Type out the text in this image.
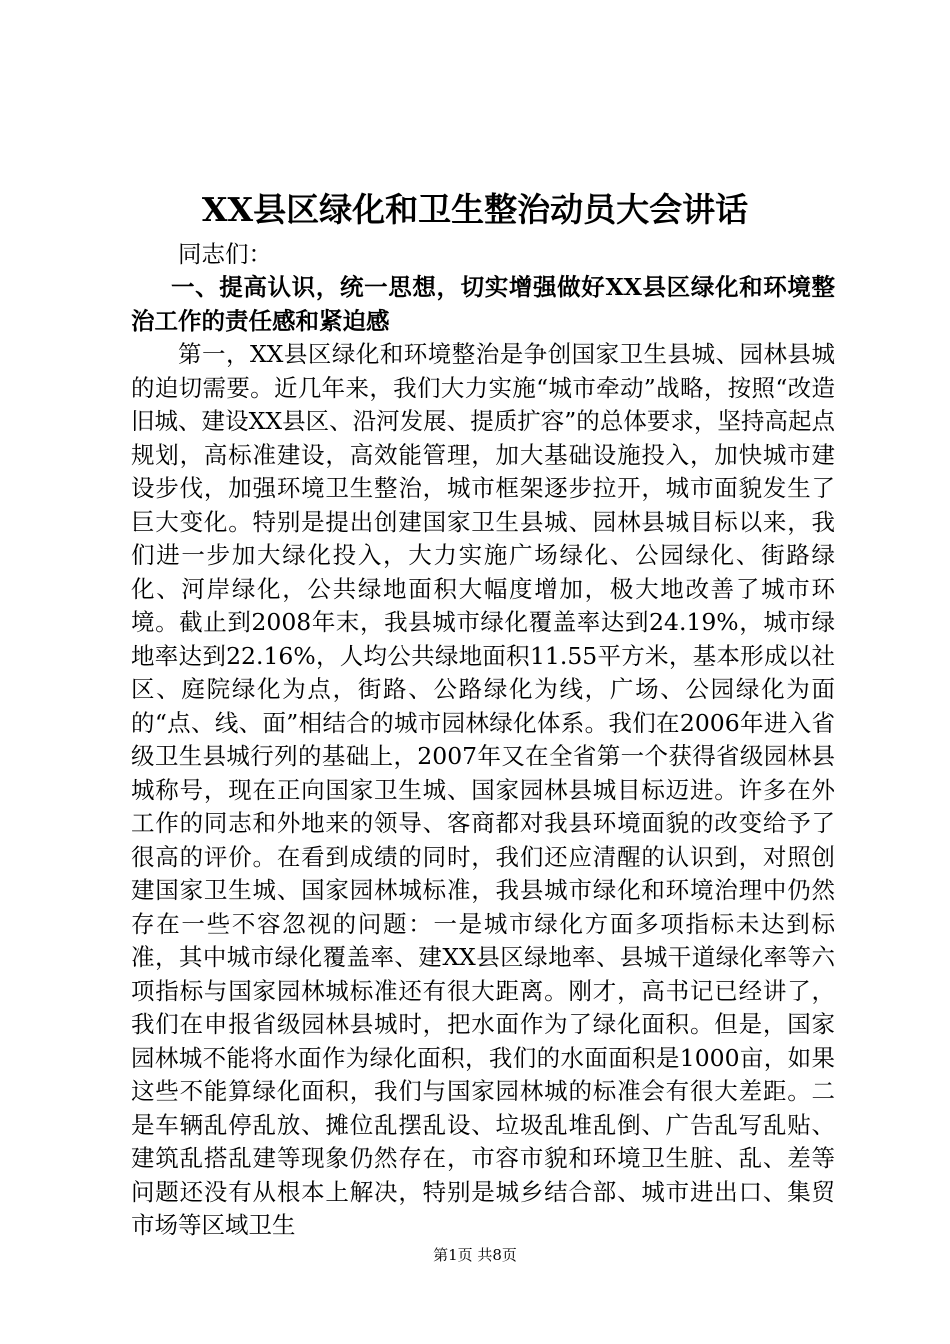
XX县区绿化和卫生整治动员大会讲话
同志们：
一、提高认识，统一思想，切实增强做好XX县区绿化和环境整治工作的责任感和紧迫感
第一，XX县区绿化和环境整治是争创国家卫生县城、园林县城的迫切需要。近几年来，我们大力实施“城市牵动”战略，按照“改造旧城、建设XX县区、沿河发展、提质扩容”的总体要求，坚持高起点规划，高标准建设，高效能管理，加大基础设施投入，加快城市建设步伐，加强环境卫生整治，城市框架逐步拉开，城市面貌发生了巨大变化。特别是提出创建国家卫生县城、园林县城目标以来，我们进一步加大绿化投入，大力实施广场绿化、公园绿化、街路绿化、河岸绿化，公共绿地面积大幅度增加，极大地改善了城市环境。截止到2008年末，我县城市绿化覆盖率达到24.19%，城市绿地率达到22.16%，人均公共绿地面积11.55平方米，基本形成以社区、庭院绿化为点，街路、公路绿化为线，广场、公园绿化为面的“点、线、面”相结合的城市园林绿化体系。我们在2006年进入省级卫生县城行列的基础上，2007年又在全省第一个获得省级园林县城称号，现在正向国家卫生城、国家园林县城目标迈进。许多在外工作的同志和外地来的领导、客商都对我县环境面貌的改变给予了很高的评价。在看到成绩的同时，我们还应清醒的认识到，对照创建国家卫生城、国家园林城标准，我县城市绿化和环境治理中仍然存在一些不容忽视的问题：一是城市绿化方面多项指标未达到标准，其中城市绿化覆盖率、建XX县区绿地率、县城干道绿化率等六项指标与国家园林城标准还有很大距离。刚才，高书记已经讲了，我们在申报省级园林县城时，把水面作为了绿化面积。但是，国家园林城不能将水面作为绿化面积，我们的水面面积是1000亩，如果这些不能算绿化面积，我们与国家园林城的标准会有很大差距。二是车辆乱停乱放、摊位乱摆乱设、垃圾乱堆乱倒、广告乱写乱贴、建筑乱搭乱建等现象仍然存在，市容市貌和环境卫生脏、乱、差等问题还没有从根本上解决，特别是城乡结合部、城市进出口、集贸市场等区域卫生
第1页 共8页
